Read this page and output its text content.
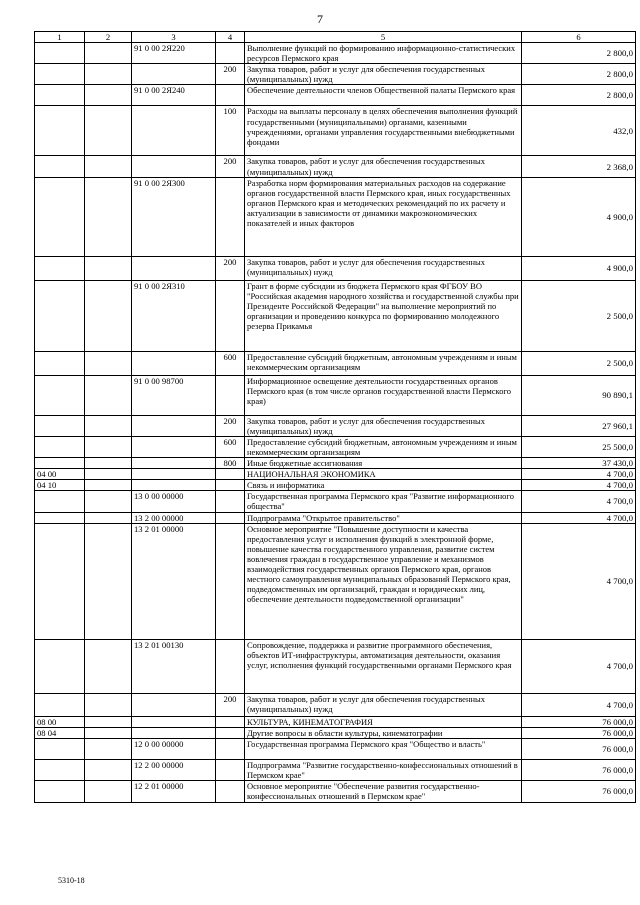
7
1	2	3	4	5	6
		91 0 00 2Я220		Выполнение функций по формированию информационно-статистических ресурсов Пермского края	2 800,0
			200	Закупка товаров, работ и услуг для обеспечения государственных (муниципальных) нужд	2 800,0
		91 0 00 2Я240		Обеспечение деятельности членов Общественной палаты Пермского края	2 800,0
			100	Расходы на выплаты персоналу в целях обеспечения выполнения функций государственными (муниципальными) органами, казенными учреждениями, органами управления государственными внебюджетными фондами	432,0
			200	Закупка товаров, работ и услуг для обеспечения государственных (муниципальных) нужд	2 368,0
		91 0 00 2Я300		Разработка норм формирования материальных расходов на содержание органов государственной власти Пермского края, иных государственных органов Пермского края и методических рекомендаций по их расчету и актуализации в зависимости от динамики макроэкономических показателей и иных факторов	4 900,0
			200	Закупка товаров, работ и услуг для обеспечения государственных (муниципальных) нужд	4 900,0
		91 0 00 2Я310		Грант в форме субсидии из бюджета Пермского края ФГБОУ ВО "Российская академия народного хозяйства и государственной службы при Президенте Российской Федерации" на выполнение мероприятий по организации и проведению конкурса по формированию молодежного резерва Прикамья	2 500,0
			600	Предоставление субсидий бюджетным, автономным учреждениям и иным некоммерческим организациям	2 500,0
		91 0 00 98700		Информационное освещение деятельности государственных органов Пермского края (в том числе органов государственной власти Пермского края)	90 890,1
			200	Закупка товаров, работ и услуг для обеспечения государственных (муниципальных) нужд	27 960,1
			600	Предоставление субсидий бюджетным, автономным учреждениям и иным некоммерческим организациям	25 500,0
			800	Иные бюджетные ассигнования	37 430,0
04 00				НАЦИОНАЛЬНАЯ ЭКОНОМИКА	4 700,0
04 10				Связь и информатика	4 700,0
		13 0 00 00000		Государственная программа Пермского края "Развитие информационного общества"	4 700,0
		13 2 00 00000		Подпрограмма "Открытое правительство"	4 700,0
		13 2 01 00000		Основное мероприятие "Повышение доступности и качества предоставления услуг и исполнения функций в электронной форме, повышение качества государственного управления, развитие систем вовлечения граждан в государственное управление и механизмов взаимодействия государственных органов Пермского края, органов местного самоуправления муниципальных образований Пермского края, подведомственных им организаций, граждан и юридических лиц, обеспечение деятельности подведомственной организации"	4 700,0
		13 2 01 00130		Сопровождение, поддержка и развитие программного обеспечения, объектов ИТ-инфраструктуры, автоматизация деятельности, оказания услуг, исполнения функций государственными органами Пермского края	4 700,0
			200	Закупка товаров, работ и услуг для обеспечения государственных (муниципальных) нужд	4 700,0
08 00				КУЛЬТУРА, КИНЕМАТОГРАФИЯ	76 000,0
08 04				Другие вопросы в области культуры, кинематографии	76 000,0
		12 0 00 00000		Государственная программа Пермского края "Общество и власть"	76 000,0
		12 2 00 00000		Подпрограмма "Развитие государственно-конфессиональных отношений в Пермском крае"	76 000,0
		12 2 01 00000		Основное мероприятие "Обеспечение развития государственно-конфессиональных отношений в Пермском крае"	76 000,0
5310-18
